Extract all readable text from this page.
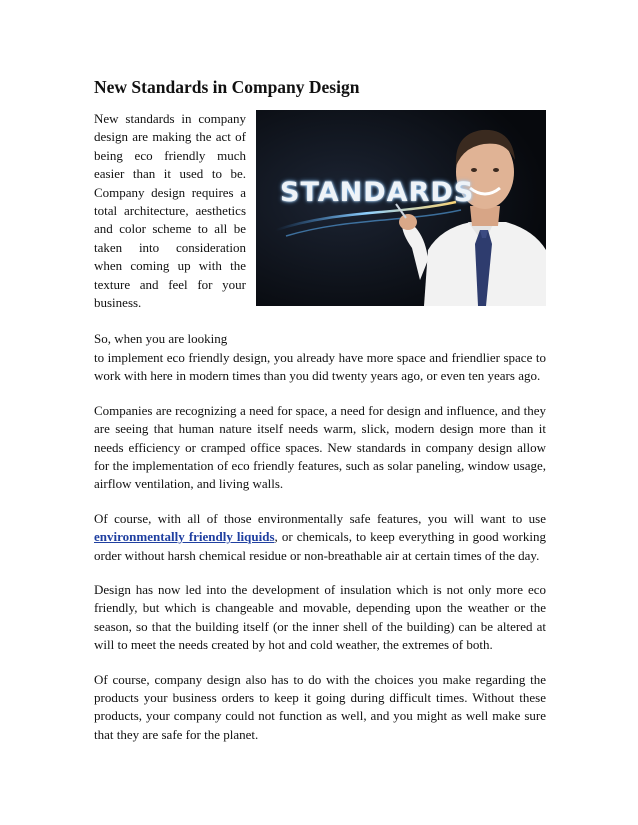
New Standards in Company Design
STANDARDS

New standards in company design are making the act of being eco friendly much easier than it used to be. Company design requires a total architecture, aesthetics and color scheme to all be taken into consideration when coming up with the texture and feel for your business.

So, when you are looking

to implement eco friendly design, you already have more space and friendlier space to work with here in modern times than you did twenty years ago, or even ten years ago.

Companies are recognizing a need for space, a need for design and influence, and they are seeing that human nature itself needs warm, slick, modern design more than it needs efficiency or cramped office spaces. New standards in company design allow for the implementation of eco friendly features, such as solar paneling, window usage, airflow ventilation, and living walls.

Of course, with all of those environmentally safe features, you will want to use environmentally friendly liquids, or chemicals, to keep everything in good working order without harsh chemical residue or non-breathable air at certain times of the day.

Design has now led into the development of insulation which is not only more eco friendly, but which is changeable and movable, depending upon the weather or the season, so that the building itself (or the inner shell of the building) can be altered at will to meet the needs created by hot and cold weather, the extremes of both.

Of course, company design also has to do with the choices you make regarding the products your business orders to keep it going during difficult times. Without these products, your company could not function as well, and you might as well make sure that they are safe for the planet.
